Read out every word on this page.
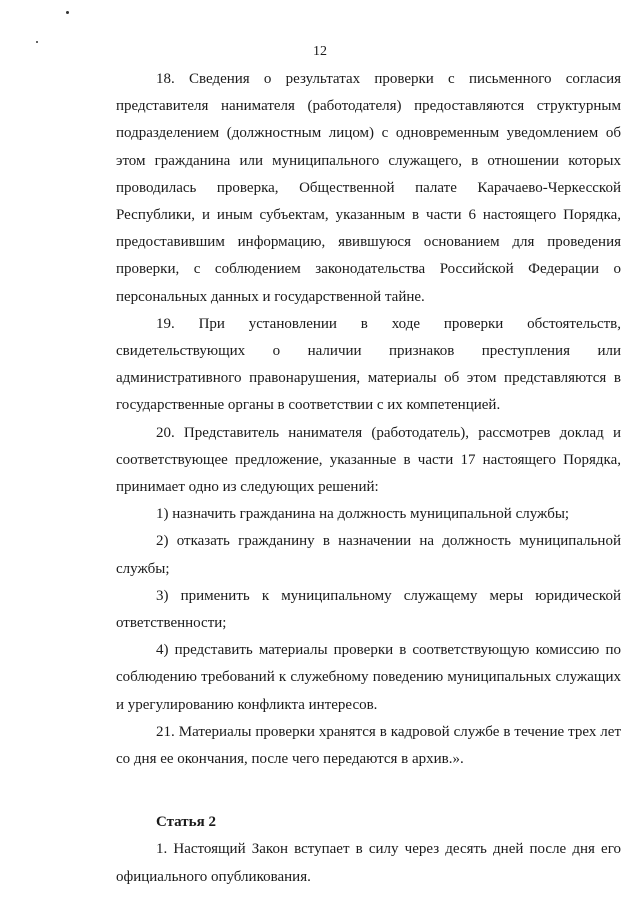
12

18. Сведения о результатах проверки с письменного согласия представителя нанимателя (работодателя) предоставляются структурным подразделением (должностным лицом) с одновременным уведомлением об этом гражданина или муниципального служащего, в отношении которых проводилась проверка, Общественной палате Карачаево-Черкесской Республики, и иным субъектам, указанным в части 6 настоящего Порядка, предоставившим информацию, явившуюся основанием для проведения проверки, с соблюдением законодательства Российской Федерации о персональных данных и государственной тайне.

19. При установлении в ходе проверки обстоятельств, свидетельствующих о наличии признаков преступления или административного правонарушения, материалы об этом представляются в государственные органы в соответствии с их компетенцией.

20. Представитель нанимателя (работодатель), рассмотрев доклад и соответствующее предложение, указанные в части 17 настоящего Порядка, принимает одно из следующих решений:

1) назначить гражданина на должность муниципальной службы;

2) отказать гражданину в назначении на должность муниципальной службы;

3) применить к муниципальному служащему меры юридической ответственности;

4) представить материалы проверки в соответствующую комиссию по соблюдению требований к служебному поведению муниципальных служащих и урегулированию конфликта интересов.

21. Материалы проверки хранятся в кадровой службе в течение трех лет со дня ее окончания, после чего передаются в архив.».

Статья 2

1. Настоящий Закон вступает в силу через десять дней после дня его официального опубликования.
